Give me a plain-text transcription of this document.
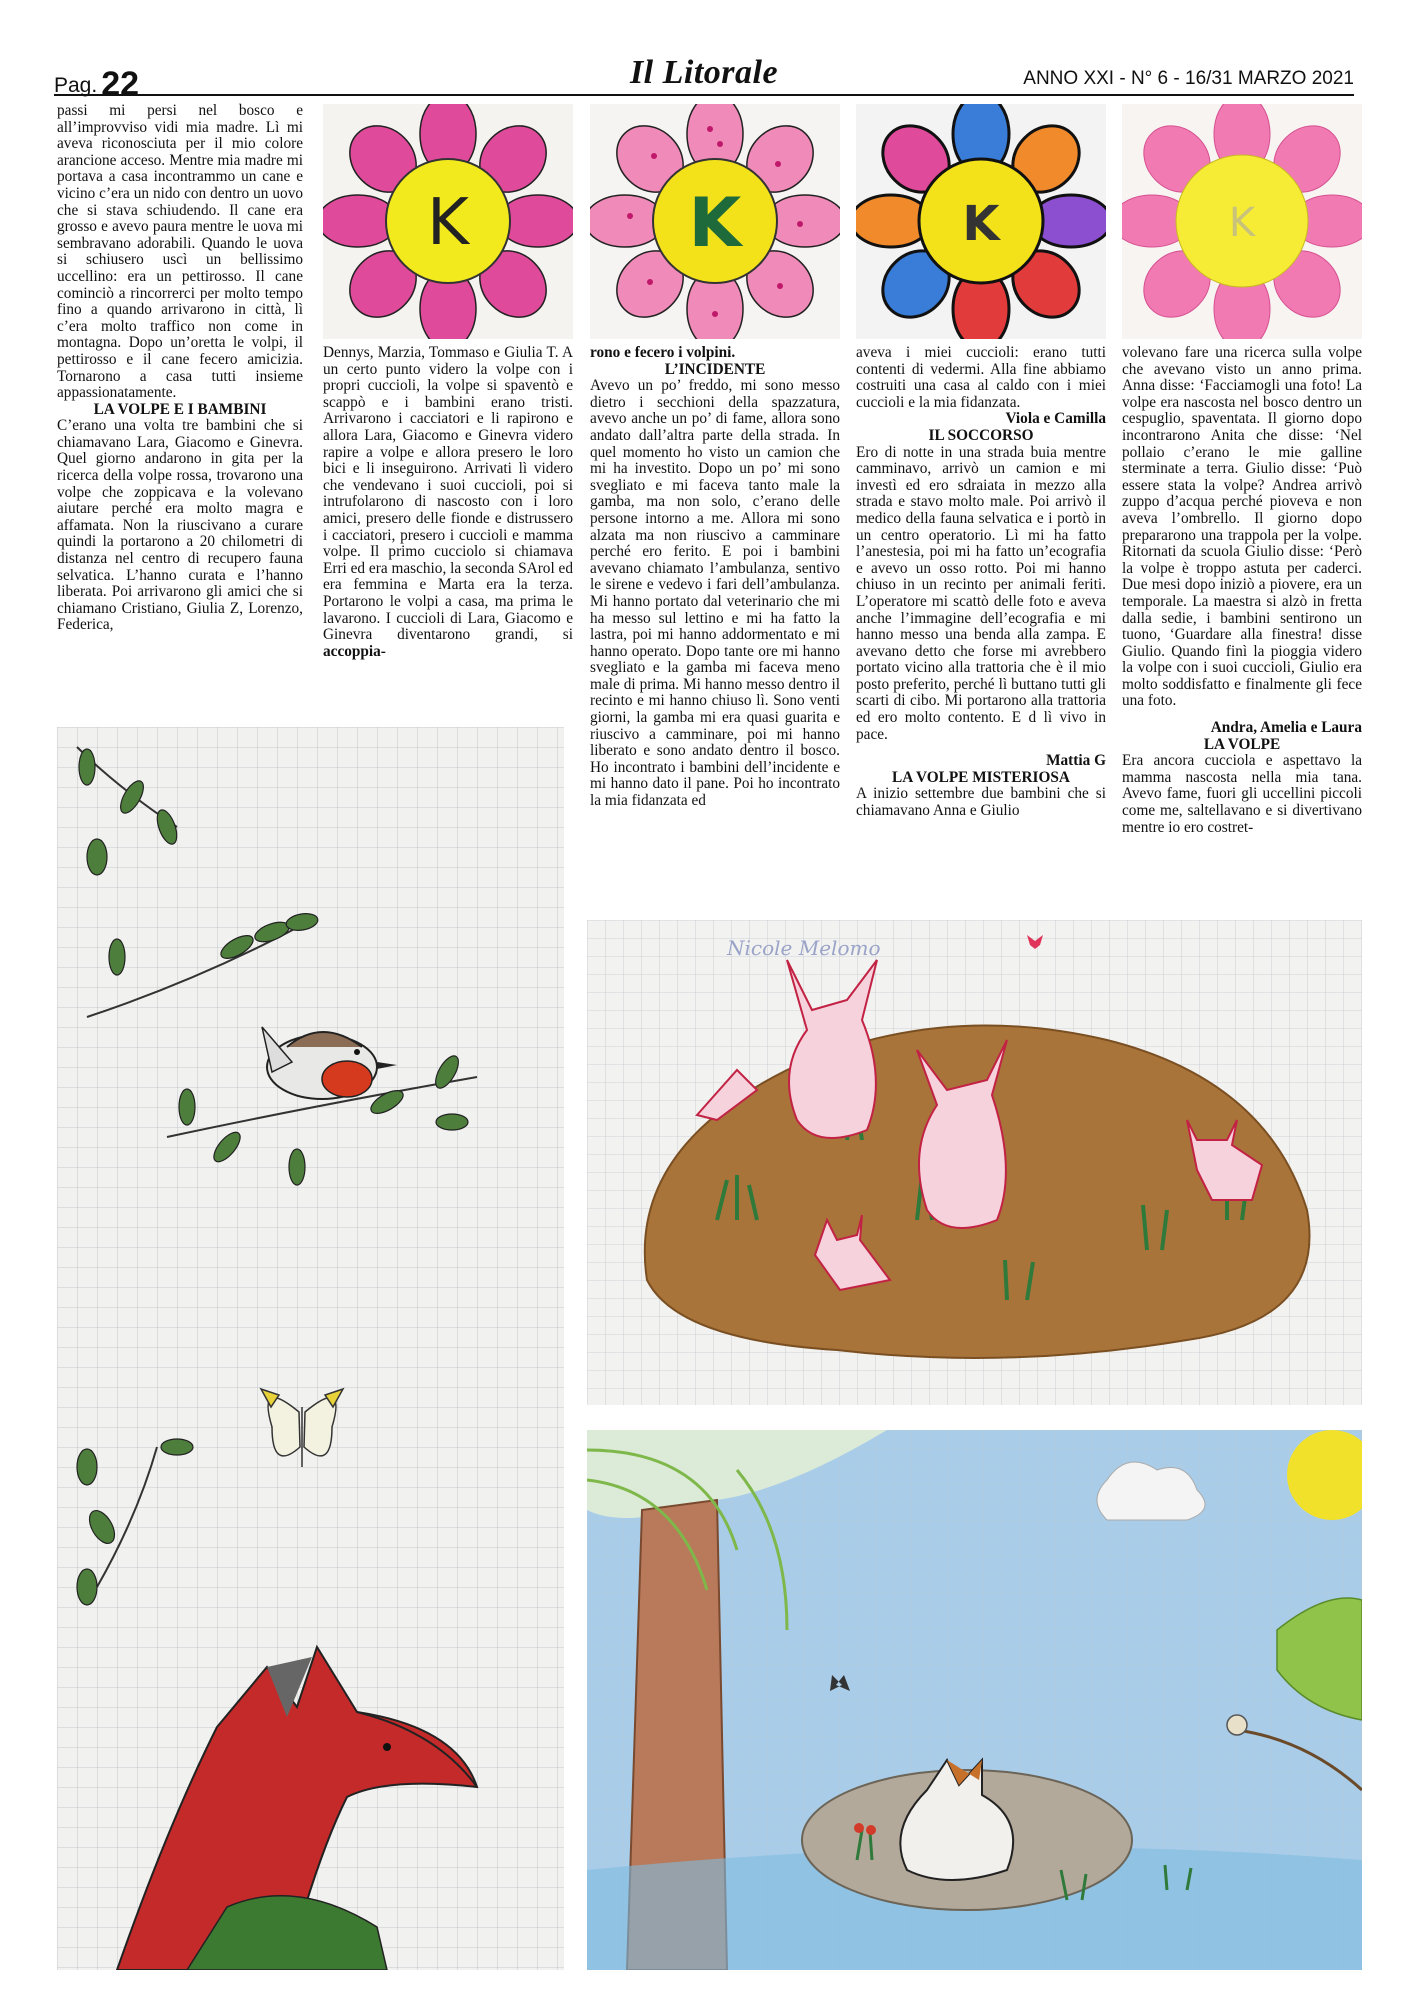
Pag. 22	Il Litorale	ANNO XXI - N° 6 - 16/31 MARZO 2021
K	K	K	K

passi mi persi nel bosco e all’improvviso vidi mia madre. Lì mi aveva riconosciuta per il mio colore arancione acceso. Mentre mia madre mi portava a casa incontrammo un cane e vicino c’era un nido con dentro un uovo che si stava schiudendo. Il cane era grosso e avevo paura mentre le uova mi sembravano adorabili. Quando le uova si schiusero uscì un bellissimo uccellino: era un pettirosso. Il cane cominciò a rincorrerci per molto tempo fino a quando arrivarono in città, lì c’era molto traffico non come in montagna. Dopo un’oretta le volpi, il pettirosso e il cane fecero amicizia. Tornarono a casa tutti insieme appassionatamente.

LA VOLPE E I BAMBINI

C’erano una volta tre bambini che si chiamavano Lara, Giacomo e Ginevra. Quel giorno andarono in gita per la ricerca della volpe rossa, trovarono una volpe che zoppicava e la volevano aiutare perché era molto magra e affamata. Non la riuscivano a curare quindi la portarono a 20 chilometri di distanza nel centro di recupero fauna selvatica. L’hanno curata e l’hanno liberata. Poi arrivarono gli amici che si chiamano Cristiano, Giulia Z, Lorenzo, Federica,

Dennys, Marzia, Tommaso e Giulia T. A un certo punto videro la volpe con i propri cuccioli, la volpe si spaventò e scappò e i bambini erano tristi. Arrivarono i cacciatori e li rapirono e allora Lara, Giacomo e Ginevra videro rapire a volpe e allora presero le loro bici e li inseguirono. Arrivati lì videro che vendevano i suoi cuccioli, poi si intrufolarono di nascosto con i loro amici, presero delle fionde e distrussero i cacciatori, presero i cuccioli e mamma volpe. Il primo cucciolo si chiamava Erri ed era maschio, la seconda SArol ed era femmina e Marta era la terza. Portarono le volpi a casa, ma prima le lavarono. I cuccioli di Lara, Giacomo e Ginevra diventarono grandi, si accoppia-

rono e fecero i volpini.

L’INCIDENTE

Avevo un po’ freddo, mi sono messo dietro i secchioni della spazzatura, avevo anche un po’ di fame, allora sono andato dall’altra parte della strada. In quel momento ho visto un camion che mi ha investito. Dopo un po’ mi sono svegliato e mi faceva tanto male la gamba, ma non solo, c’erano delle persone intorno a me. Allora mi sono alzata ma non riuscivo a camminare perché ero ferito. E poi i bambini avevano chiamato l’ambulanza, sentivo le sirene e vedevo i fari dell’ambulanza. Mi hanno portato dal veterinario che mi ha messo sul lettino e mi ha fatto la lastra, poi mi hanno addormentato e mi hanno operato. Dopo tante ore mi hanno svegliato e la gamba mi faceva meno male di prima. Mi hanno messo dentro il recinto e mi hanno chiuso lì. Sono venti giorni, la gamba mi era quasi guarita e riuscivo a camminare, poi mi hanno liberato e sono andato dentro il bosco. Ho incontrato i bambini dell’incidente e mi hanno dato il pane. Poi ho incontrato la mia fidanzata ed

aveva i miei cuccioli: erano tutti contenti di vedermi. Alla fine abbiamo costruiti una casa al caldo con i miei cuccioli e la mia fidanzata.

Viola e Camilla

IL SOCCORSO

Ero di notte in una strada buia mentre camminavo, arrivò un camion e mi investì ed ero sdraiata in mezzo alla strada e stavo molto male. Poi arrivò il medico della fauna selvatica e i portò in un centro operatorio. Lì mi ha fatto l’anestesia, poi mi ha fatto un’ecografia e avevo un osso rotto. Poi mi hanno chiuso in un recinto per animali feriti. L’operatore mi scattò delle foto e aveva anche l’immagine dell’ecografia e mi hanno messo una benda alla zampa. E avevano detto che forse mi avrebbero portato vicino alla trattoria che è il mio posto preferito, perché lì buttano tutti gli scarti di cibo. Mi portarono alla trattoria ed ero molto contento. E d lì vivo in pace.

Mattia G

LA VOLPE MISTERIOSA

A inizio settembre due bambini che si chiamavano Anna e Giulio

volevano fare una ricerca sulla volpe che avevano visto un anno prima. Anna disse: ‘Facciamogli una foto! La volpe era nascosta nel bosco dentro un cespuglio, spaventata. Il giorno dopo incontrarono Anita che disse: ‘Nel pollaio c’erano le mie galline sterminate a terra. Giulio disse: ‘Può essere stata la volpe? Andrea arrivò zuppo d’acqua perché pioveva e non aveva l’ombrello. Il giorno dopo prepararono una trappola per la volpe. Ritornati da scuola Giulio disse: ‘Però la volpe è troppo astuta per caderci. Due mesi dopo iniziò a piovere, era un temporale. La maestra si alzò in fretta dalla sedie, i bambini sentirono un tuono, ‘Guardare alla finestra! disse Giulio. Quando finì la pioggia videro la volpe con i suoi cuccioli, Giulio era molto soddisfatto e finalmente gli fece una foto.

Andra, Amelia e Laura

LA VOLPE

Era ancora cucciola e aspettavo la mamma nascosta nella mia tana. Avevo fame, fuori gli uccellini piccoli come me, saltellavano e si divertivano mentre io ero costret-

Nicole Melomo
